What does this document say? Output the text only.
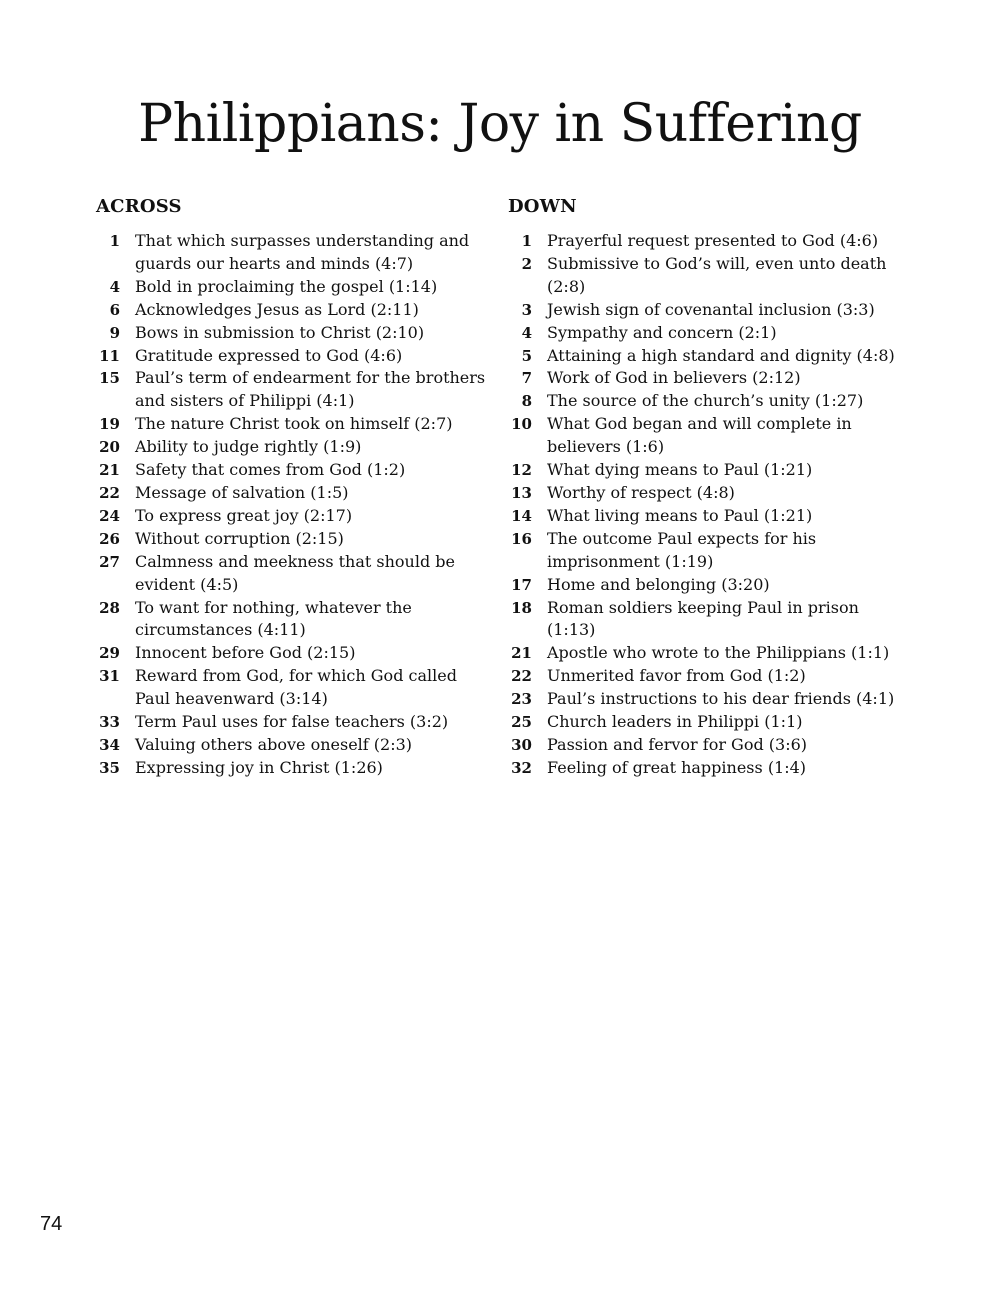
Philippians: Joy in Suffering
ACROSS
1 That which surpasses understanding and guards our hearts and minds (4:7)
4 Bold in proclaiming the gospel (1:14)
6 Acknowledges Jesus as Lord (2:11)
9 Bows in submission to Christ (2:10)
11 Gratitude expressed to God (4:6)
15 Paul’s term of endearment for the brothers and sisters of Philippi (4:1)
19 The nature Christ took on himself (2:7)
20 Ability to judge rightly (1:9)
21 Safety that comes from God (1:2)
22 Message of salvation (1:5)
24 To express great joy (2:17)
26 Without corruption (2:15)
27 Calmness and meekness that should be evident (4:5)
28 To want for nothing, whatever the circumstances (4:11)
29 Innocent before God (2:15)
31 Reward from God, for which God called Paul heavenward (3:14)
33 Term Paul uses for false teachers (3:2)
34 Valuing others above oneself (2:3)
35 Expressing joy in Christ (1:26)
DOWN
1 Prayerful request presented to God (4:6)
2 Submissive to God’s will, even unto death (2:8)
3 Jewish sign of covenantal inclusion (3:3)
4 Sympathy and concern (2:1)
5 Attaining a high standard and dignity (4:8)
7 Work of God in believers (2:12)
8 The source of the church’s unity (1:27)
10 What God began and will complete in believers (1:6)
12 What dying means to Paul (1:21)
13 Worthy of respect (4:8)
14 What living means to Paul (1:21)
16 The outcome Paul expects for his imprisonment (1:19)
17 Home and belonging (3:20)
18 Roman soldiers keeping Paul in prison (1:13)
21 Apostle who wrote to the Philippians (1:1)
22 Unmerited favor from God (1:2)
23 Paul’s instructions to his dear friends (4:1)
25 Church leaders in Philippi (1:1)
30 Passion and fervor for God (3:6)
32 Feeling of great happiness (1:4)
74
